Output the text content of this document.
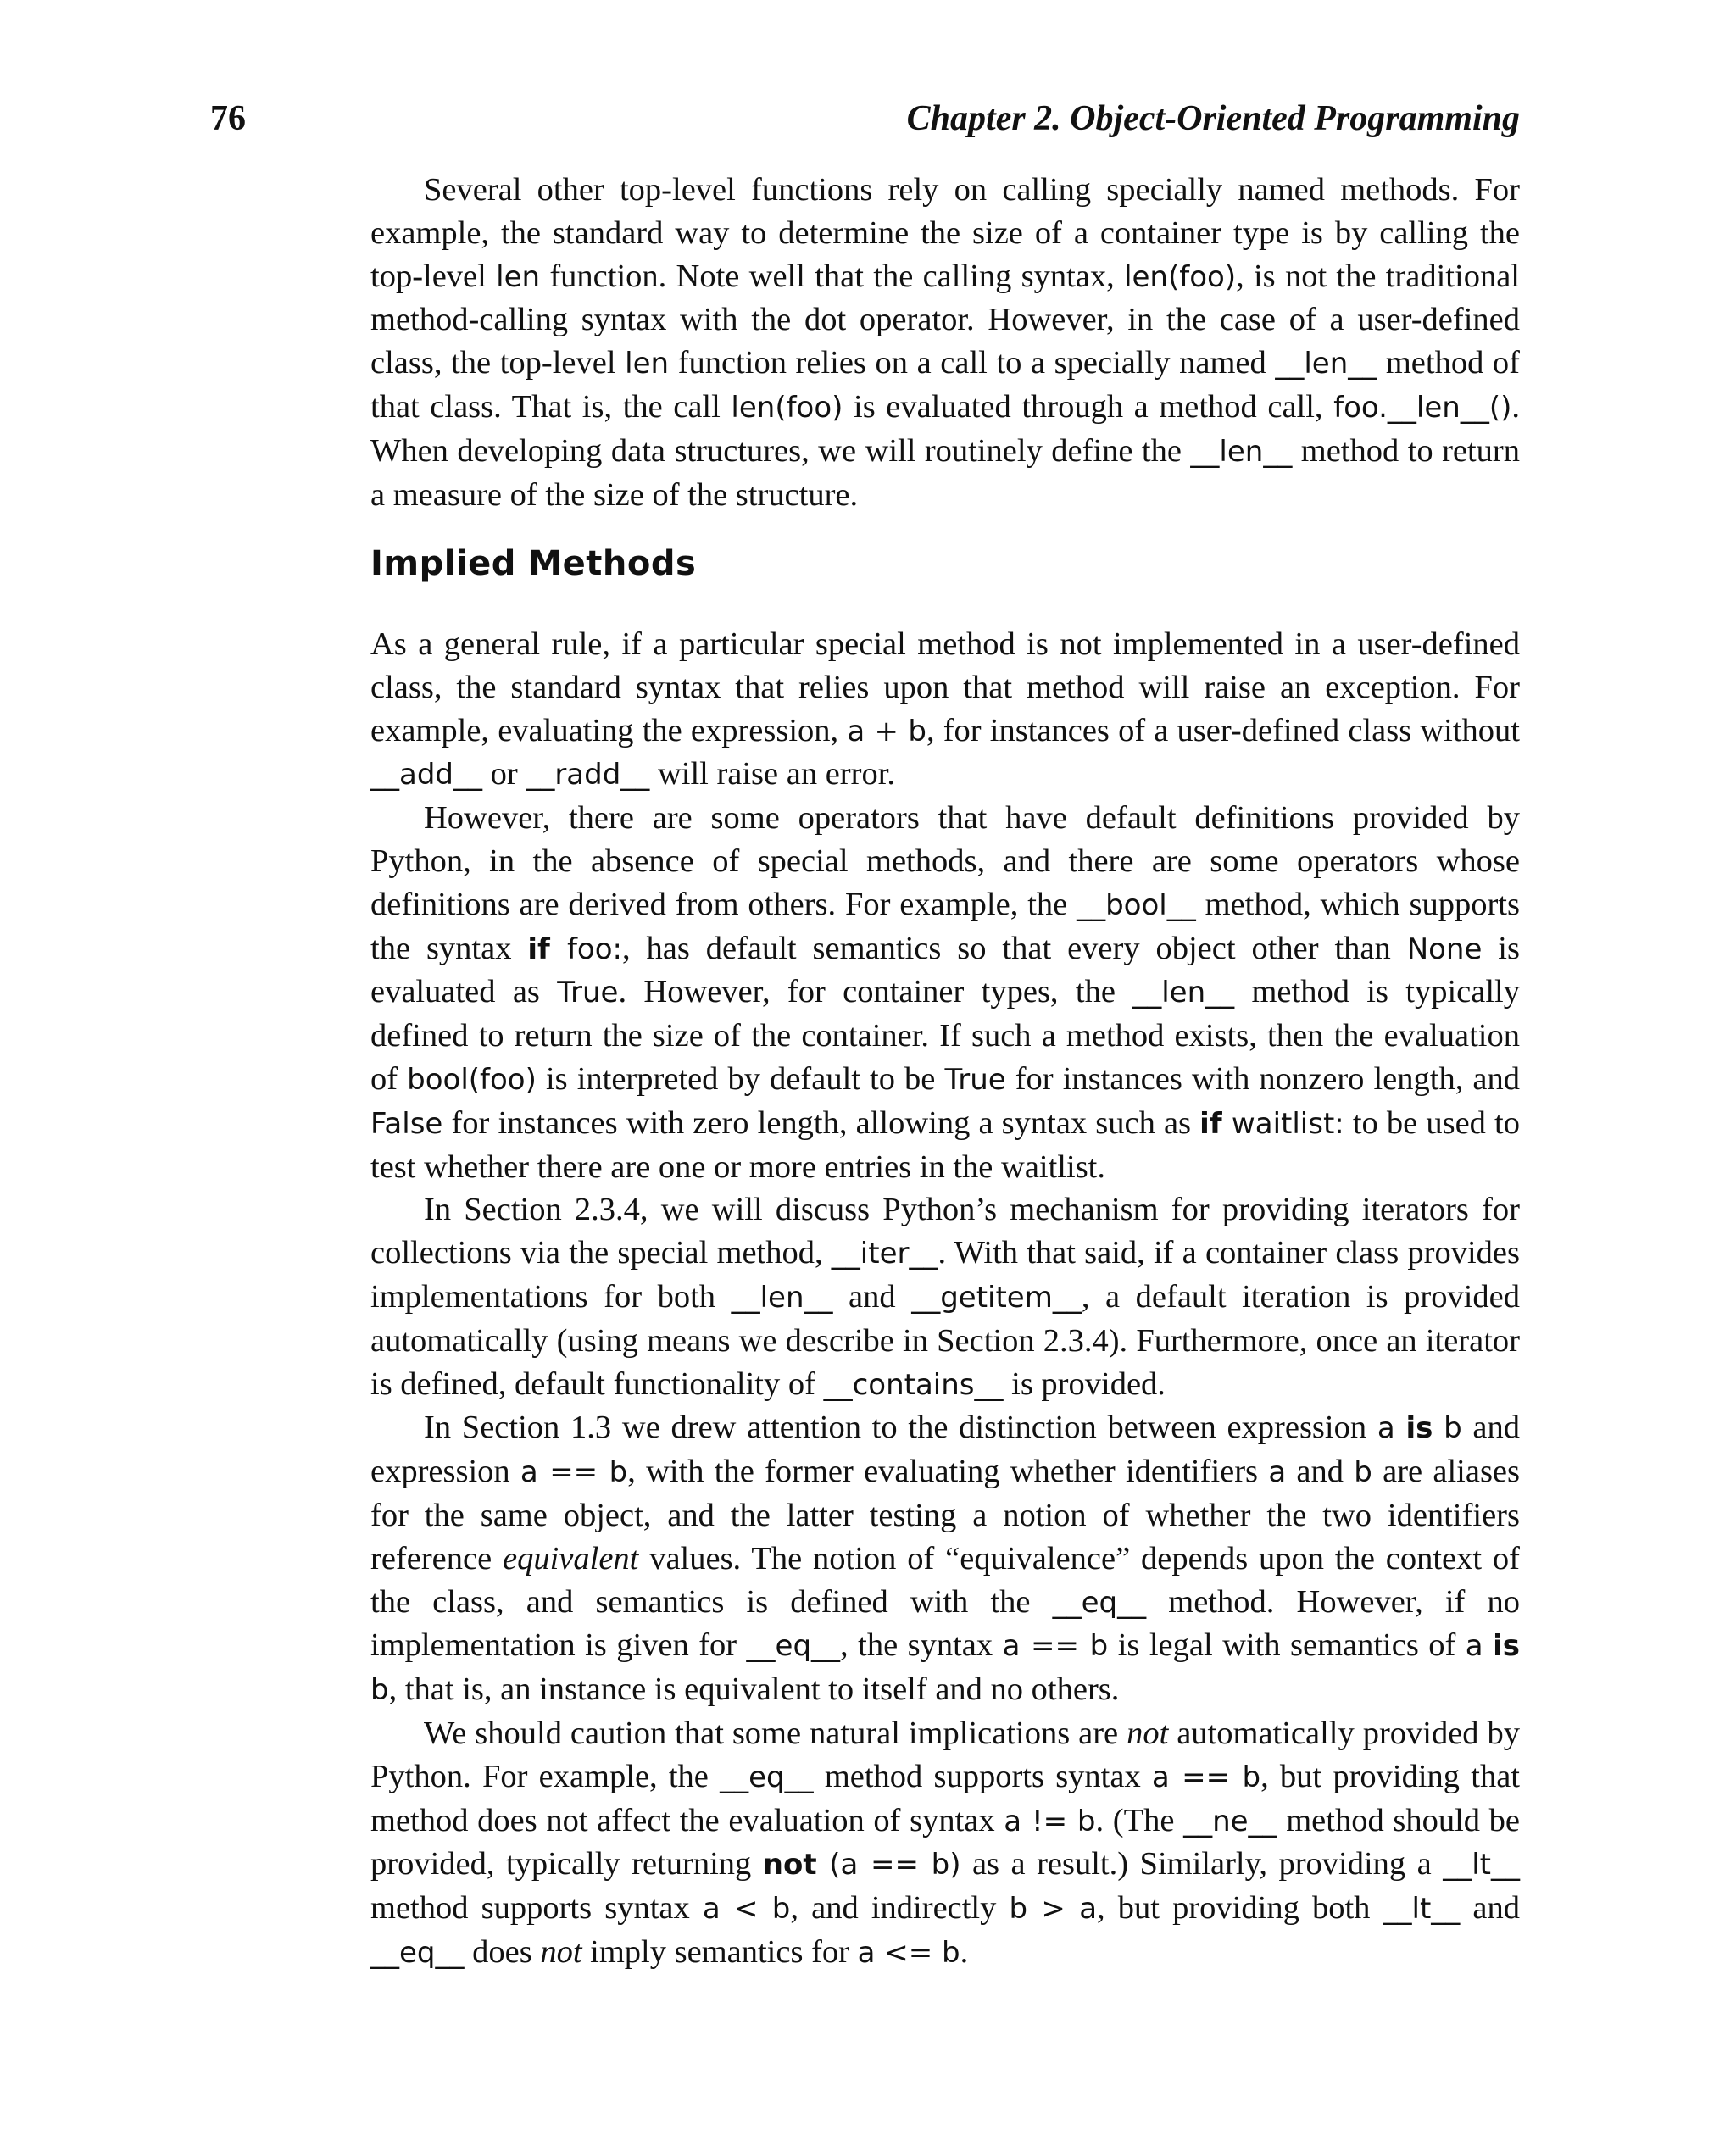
76	Chapter 2. Object-Oriented Programming

Several other top-level functions rely on calling specially named methods. For example, the standard way to determine the size of a container type is by calling the top-level len function. Note well that the calling syntax, len(foo), is not the traditional method-calling syntax with the dot operator. However, in the case of a user-defined class, the top-level len function relies on a call to a specially named __len__ method of that class. That is, the call len(foo) is evaluated through a method call, foo.__len__(). When developing data structures, we will routinely define the __len__ method to return a measure of the size of the structure.

Implied Methods

As a general rule, if a particular special method is not implemented in a user-defined class, the standard syntax that relies upon that method will raise an exception. For example, evaluating the expression, a + b, for instances of a user-defined class without __add__ or __radd__ will raise an error.

However, there are some operators that have default definitions provided by Python, in the absence of special methods, and there are some operators whose definitions are derived from others. For example, the __bool__ method, which supports the syntax if foo:, has default semantics so that every object other than None is evaluated as True. However, for container types, the __len__ method is typically defined to return the size of the container. If such a method exists, then the evaluation of bool(foo) is interpreted by default to be True for instances with nonzero length, and False for instances with zero length, allowing a syntax such as if waitlist: to be used to test whether there are one or more entries in the waitlist.

In Section 2.3.4, we will discuss Python’s mechanism for providing iterators for collections via the special method, __iter__. With that said, if a container class provides implementations for both __len__ and __getitem__, a default iteration is provided automatically (using means we describe in Section 2.3.4). Furthermore, once an iterator is defined, default functionality of __contains__ is provided.

In Section 1.3 we drew attention to the distinction between expression a is b and expression a == b, with the former evaluating whether identifiers a and b are aliases for the same object, and the latter testing a notion of whether the two identifiers reference equivalent values. The notion of “equivalence” depends upon the context of the class, and semantics is defined with the __eq__ method. However, if no implementation is given for __eq__, the syntax a == b is legal with semantics of a is b, that is, an instance is equivalent to itself and no others.

We should caution that some natural implications are not automatically provided by Python. For example, the __eq__ method supports syntax a == b, but providing that method does not affect the evaluation of syntax a != b. (The __ne__ method should be provided, typically returning not (a == b) as a result.) Similarly, providing a __lt__ method supports syntax a < b, and indirectly b > a, but providing both __lt__ and __eq__ does not imply semantics for a <= b.
